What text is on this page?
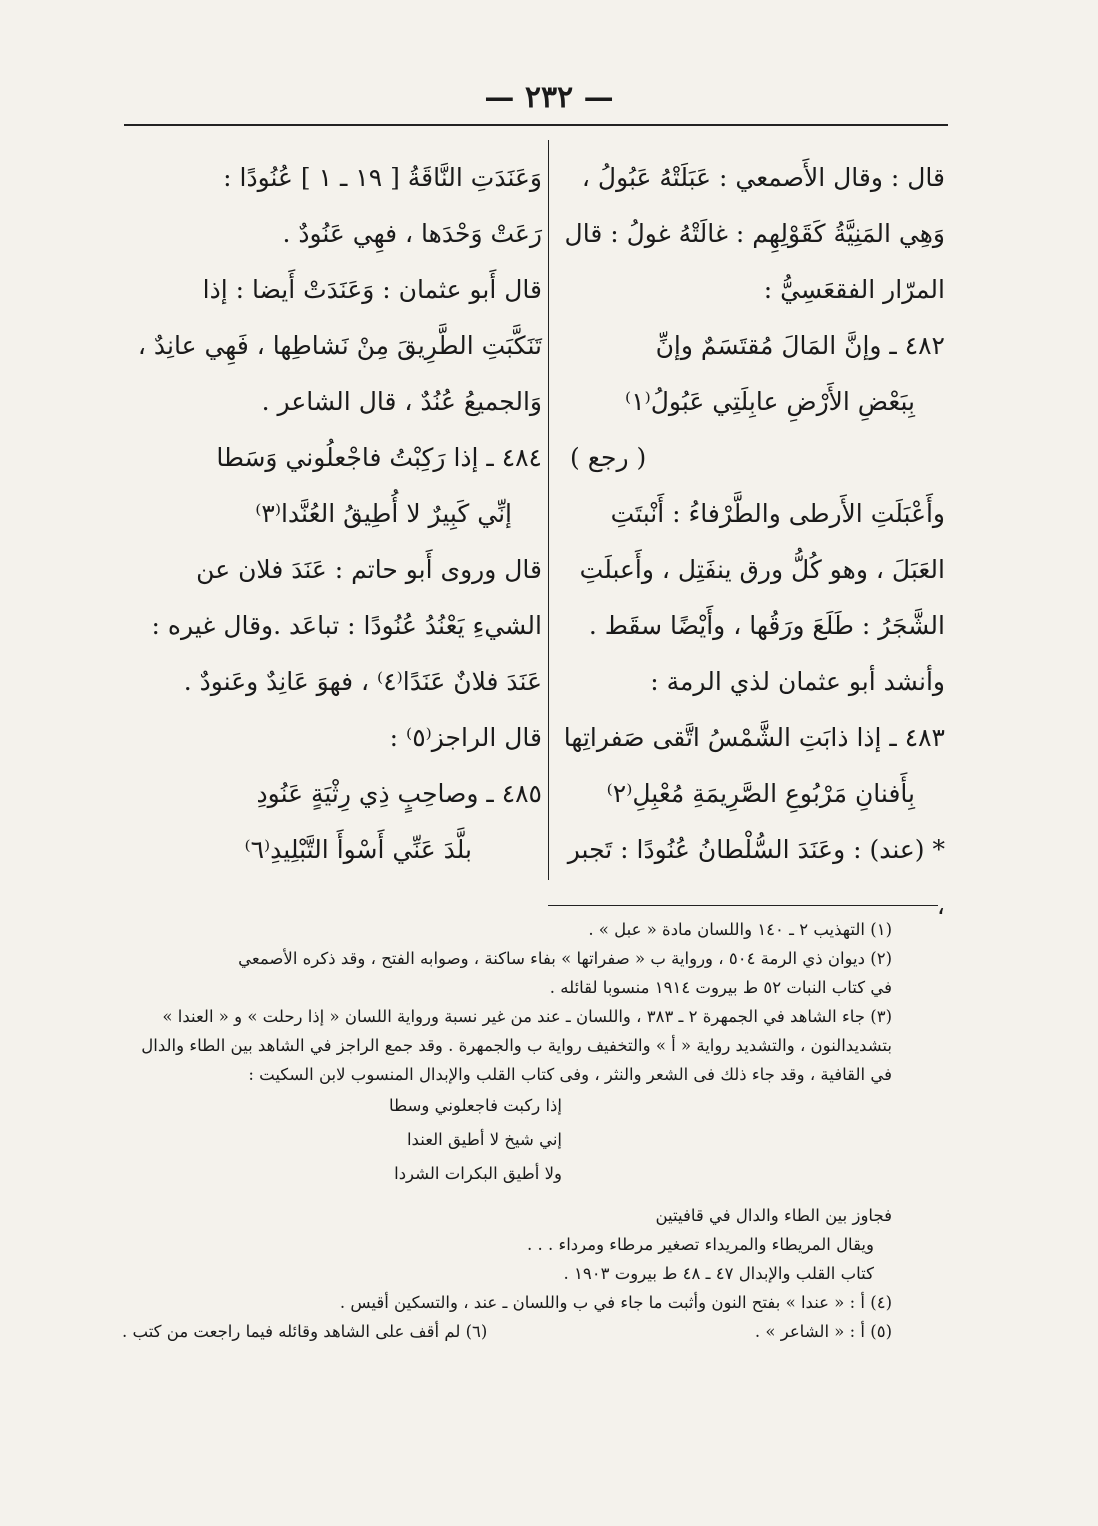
— ٢٣٢ —

قال : وقال الأَصمعي : عَبَلَتْهُ عَبُولُ ،

وَهِي المَنِيَّةُ كَقَوْلِهِم : غالَتْهُ غولُ : قال

المرّار الفقعَسِيُّ :

٤٨٢ ـ وإنَّ المَالَ مُقتَسَمٌ وإنِّ

بِبَعْضِ الأَرْضِ عابِلَتِي عَبُولُ⁽١⁾

( رجع )

وأَعْبَلَتِ الأَرطى والطَّرْفاءُ : أَنْبتَتِ

العَبَلَ ، وهو كُلُّ ورق ينفَتِل ، وأَعبلَتِ

الشَّجَرُ : طَلَعَ ورَقُها ، وأَيْضًا سقَط .

وأنشد أبو عثمان لذي الرمة :

٤٨٣ ـ إذا ذابَتِ الشَّمْسُ اتَّقى صَفراتِها

بِأَفنانِ مَرْبُوعِ الصَّرِيمَةِ مُعْبِلِ⁽٢⁾

* (عند) : وعَنَدَ السُّلْطانُ عُنُودًا : تَجبر ،

وَعَنَدَتِ النَّاقَةُ [ ١٩ ـ ١ ] عُنُودًا :

رَعَتْ وَحْدَها ، فهِي عَنُودٌ .

قال أَبو عثمان : وَعَنَدَتْ أَيضا : إذا

تَنَكَّبَتِ الطَّرِيقَ مِنْ نَشاطِها ، فَهِي عانِدٌ ،

وَالجميعُ عُنُدٌ ، قال الشاعر .

٤٨٤ ـ إذا رَكِبْتُ فاجْعلُوني وَسَطا

إنِّي كَبِيرٌ لا أُطِيقُ العُنَّدا⁽٣⁾

قال وروى أَبو حاتم : عَنَدَ فلان عن

الشيءِ يَعْنُدُ عُنُودًا : تباعَد .وقال غيره :

عَنَدَ فلانٌ عَنَدًا⁽٤⁾ ، فهوَ عَانِدٌ وعَنودٌ .

قال الراجز⁽٥⁾ :

٤٨٥ ـ وصاحِبٍ ذِي رِثْيَةٍ عَنُودِ

بلَّدَ عَنِّي أَسْوأَ التَّبْلِيدِ⁽٦⁾

(١) التهذيب ٢ ـ ١٤٠ واللسان مادة « عبل » .

(٢) ديوان ذي الرمة ٥٠٤ ، ورواية ب « صفراتها » بفاء ساكنة ، وصوابه الفتح ، وقد ذكره الأصمعي

في كتاب النبات ٥٢ ط بيروت ١٩١٤ منسوبا لقائله .

(٣) جاء الشاهد في الجمهرة ٢ ـ ٣٨٣ ، واللسان ـ عند من غير نسبة ورواية اللسان « إذا رحلت » و « العندا »

بتشديدالنون ، والتشديد رواية « أ » والتخفيف رواية ب والجمهرة . وقد جمع الراجز في الشاهد بين الطاء والدال

في القافية ، وقد جاء ذلك فى الشعر والنثر ، وفى كتاب القلب والإبدال المنسوب لابن السكيت :

إذا ركبت فاجعلوني وسطا

إني شيخ لا أطيق العندا

ولا أطيق البكرات الشردا

فجاوز بين الطاء والدال في قافيتين

ويقال المريطاء والمريداء تصغير مرطاء ومرداء . . .

كتاب القلب والإبدال ٤٧ ـ ٤٨ ط بيروت ١٩٠٣ .

(٤) أ : « عندا » بفتح النون وأثبت ما جاء في ب واللسان ـ عند ، والتسكين أقيس .

(٥) أ : « الشاعر » .
(٦) لم أقف على الشاهد وقائله فيما راجعت من كتب .
